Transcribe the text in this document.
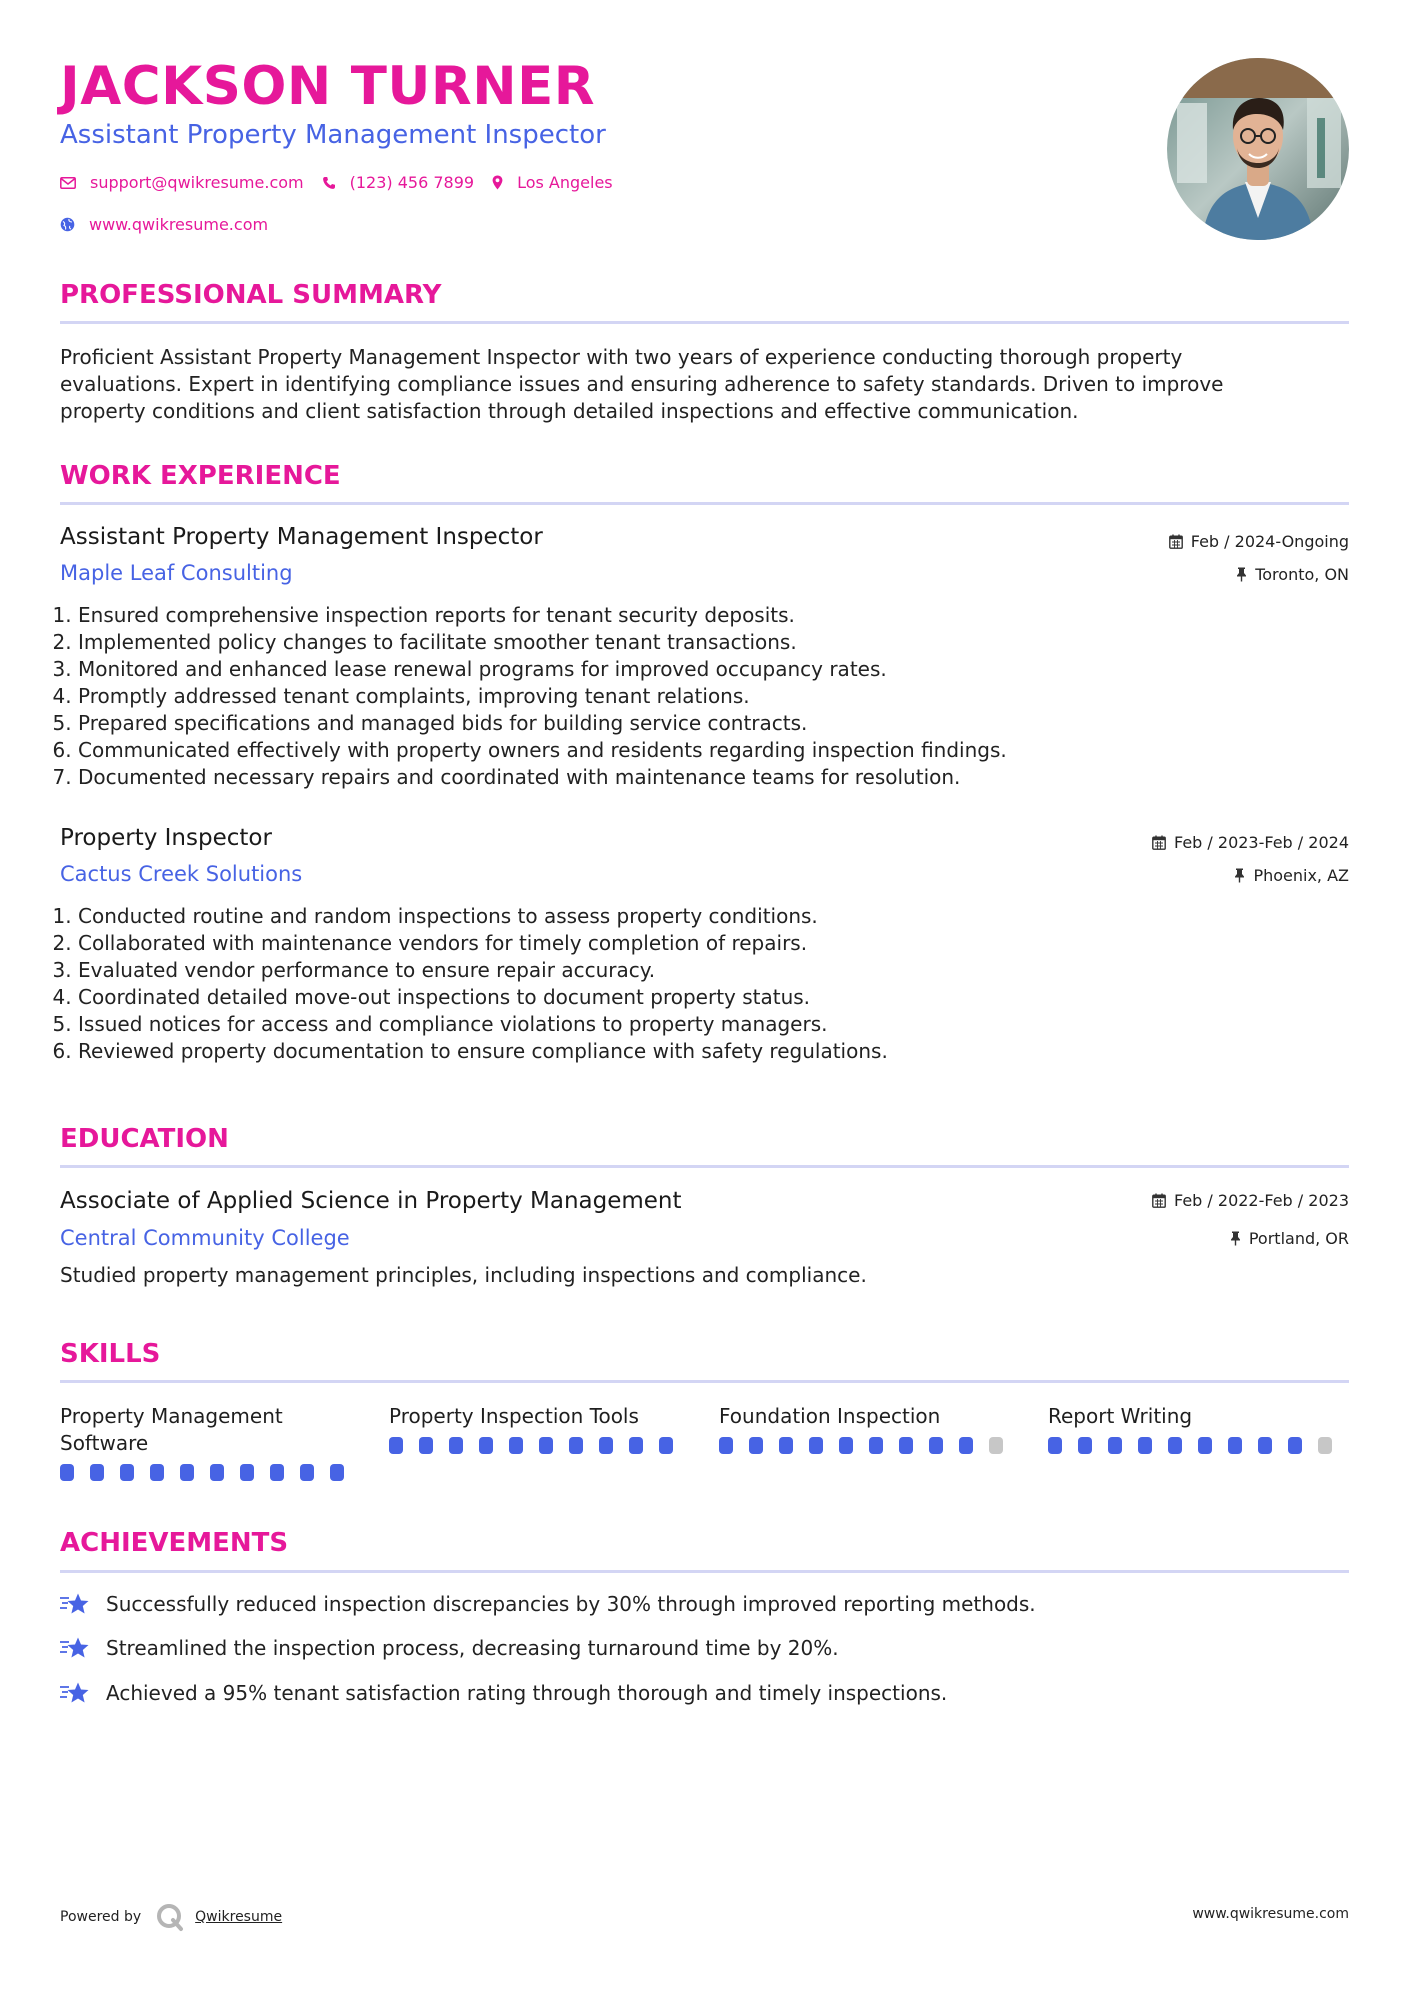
JACKSON TURNER
Assistant Property Management Inspector
support@qwikresume.com	(123) 456 7899	Los Angeles
www.qwikresume.com
PROFESSIONAL SUMMARY
Proficient Assistant Property Management Inspector with two years of experience conducting thorough property evaluations. Expert in identifying compliance issues and ensuring adherence to safety standards. Driven to improve property conditions and client satisfaction through detailed inspections and effective communication.
WORK EXPERIENCE
Assistant Property Management Inspector
Maple Leaf Consulting
Feb / 2024-Ongoing
Toronto, ON
1. Ensured comprehensive inspection reports for tenant security deposits.
2. Implemented policy changes to facilitate smoother tenant transactions.
3. Monitored and enhanced lease renewal programs for improved occupancy rates.
4. Promptly addressed tenant complaints, improving tenant relations.
5. Prepared specifications and managed bids for building service contracts.
6. Communicated effectively with property owners and residents regarding inspection findings.
7. Documented necessary repairs and coordinated with maintenance teams for resolution.
Property Inspector
Cactus Creek Solutions
Feb / 2023-Feb / 2024
Phoenix, AZ
1. Conducted routine and random inspections to assess property conditions.
2. Collaborated with maintenance vendors for timely completion of repairs.
3. Evaluated vendor performance to ensure repair accuracy.
4. Coordinated detailed move-out inspections to document property status.
5. Issued notices for access and compliance violations to property managers.
6. Reviewed property documentation to ensure compliance with safety regulations.
EDUCATION
Associate of Applied Science in Property Management
Central Community College
Feb / 2022-Feb / 2023
Portland, OR
Studied property management principles, including inspections and compliance.
SKILLS
Property Management Software
Property Inspection Tools	Foundation Inspection	Report Writing
ACHIEVEMENTS
Successfully reduced inspection discrepancies by 30% through improved reporting methods.
Streamlined the inspection process, decreasing turnaround time by 20%.
Achieved a 95% tenant satisfaction rating through thorough and timely inspections.
Powered by	Qwikresume	www.qwikresume.com
